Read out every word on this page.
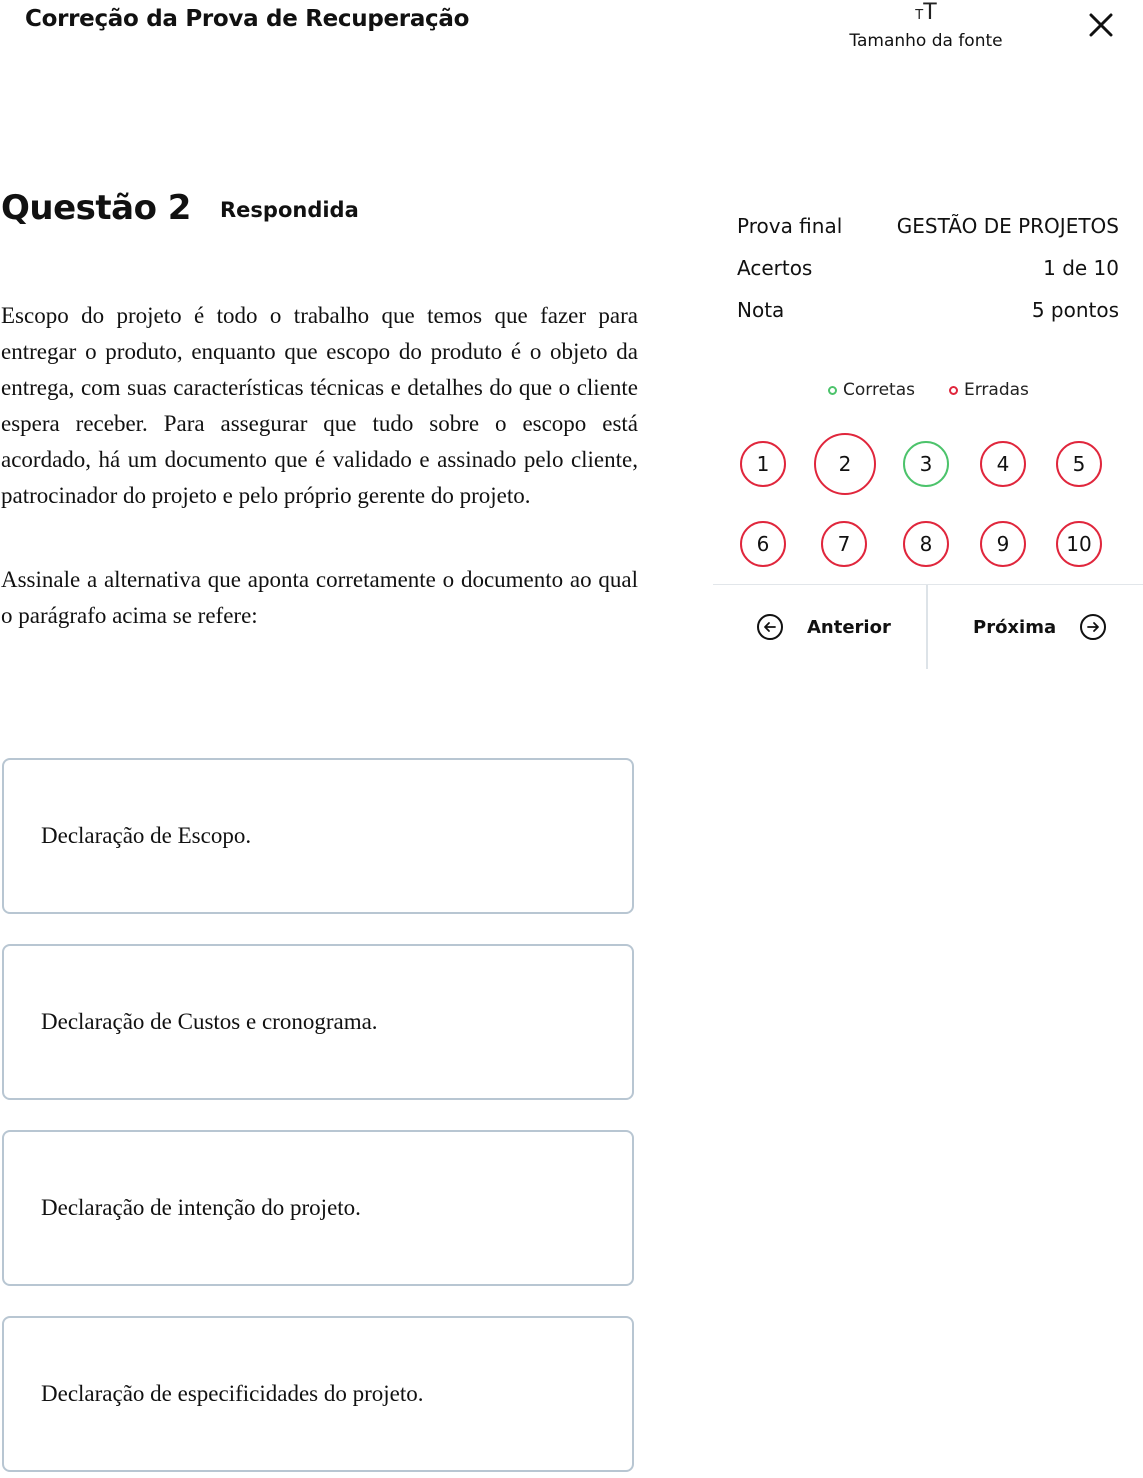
Correção da Prova de Recuperação	TT
Tamanho da fonte
Questão 2 Respondida

Escopo do projeto é todo o trabalho que temos que fazer para entregar o produto, enquanto que escopo do produto é o objeto da entrega, com suas características técnicas e detalhes do que o cliente espera receber. Para assegurar que tudo sobre o escopo está acordado, há um documento que é validado e assinado pelo cliente, patrocinador do projeto e pelo próprio gerente do projeto.

Assinale a alternativa que aponta corretamente o documento ao qual o parágrafo acima se refere:

Declaração de Escopo.
Declaração de Custos e cronograma.
Declaração de intenção do projeto.
Declaração de especificidades do projeto.
Prova final	GESTÃO DE PROJETOS
Acertos	1 de 10
Nota	5 pontos
Corretas	Erradas
1	2	3	4	5
6	7	8	9	10
Anterior	Próxima
